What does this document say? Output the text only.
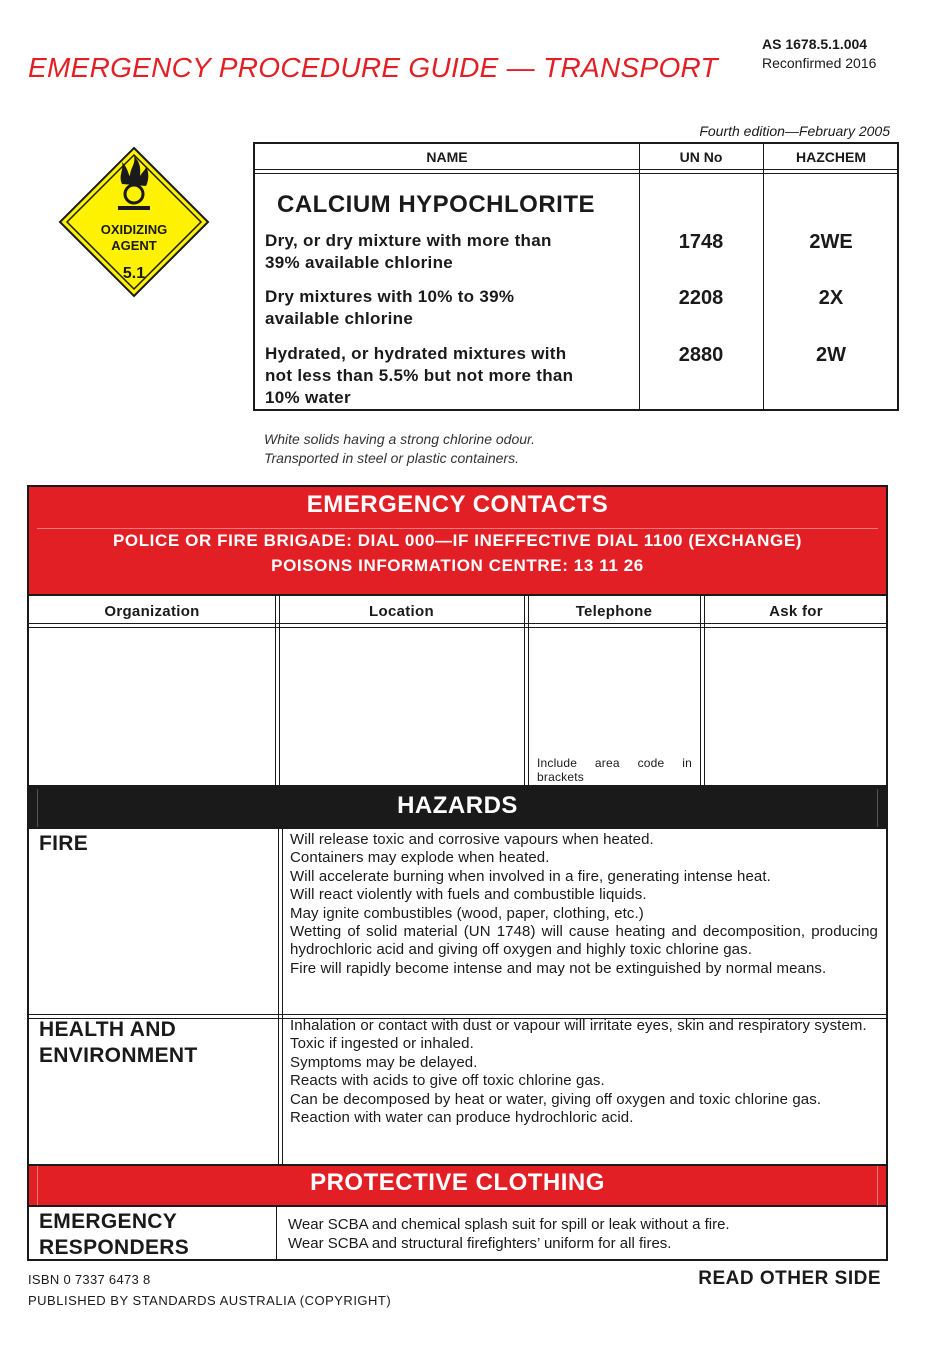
EMERGENCY PROCEDURE GUIDE — TRANSPORT
AS 1678.5.1.004
Reconfirmed 2016
Fourth edition—February 2005
OXIDIZING
AGENT
5.1
NAME	UN No	HAZCHEM
CALCIUM HYPOCHLORITE
Dry, or dry mixture with more than
39% available chlorine
1748	2WE
Dry mixtures with 10% to 39%
available chlorine
2208	2X
Hydrated, or hydrated mixtures with
not less than 5.5% but not more than
10% water
2880	2W
White solids having a strong chlorine odour.
Transported in steel or plastic containers.
EMERGENCY CONTACTS
POLICE OR FIRE BRIGADE: DIAL 000—IF INEFFECTIVE DIAL 1100 (EXCHANGE)
POISONS INFORMATION CENTRE: 13 11 26
Organization	Location	Telephone	Ask for
Include area code in brackets
HAZARDS
FIRE	Will release toxic and corrosive vapours when heated.
Containers may explode when heated.
Will accelerate burning when involved in a fire, generating intense heat.
Will react violently with fuels and combustible liquids.
May ignite combustibles (wood, paper, clothing, etc.)
Wetting of solid material (UN 1748) will cause heating and decomposition, producing hydrochloric acid and giving off oxygen and highly toxic chlorine gas.
Fire will rapidly become intense and may not be extinguished by normal means.
HEALTH AND
ENVIRONMENT
Inhalation or contact with dust or vapour will irritate eyes, skin and respiratory system.
Toxic if ingested or inhaled.
Symptoms may be delayed.
Reacts with acids to give off toxic chlorine gas.
Can be decomposed by heat or water, giving off oxygen and toxic chlorine gas.
Reaction with water can produce hydrochloric acid.
PROTECTIVE CLOTHING
EMERGENCY
RESPONDERS
Wear SCBA and chemical splash suit for spill or leak without a fire.
Wear SCBA and structural firefighters’ uniform for all fires.
ISBN 0 7337 6473 8
PUBLISHED BY STANDARDS AUSTRALIA (COPYRIGHT)
READ OTHER SIDE
